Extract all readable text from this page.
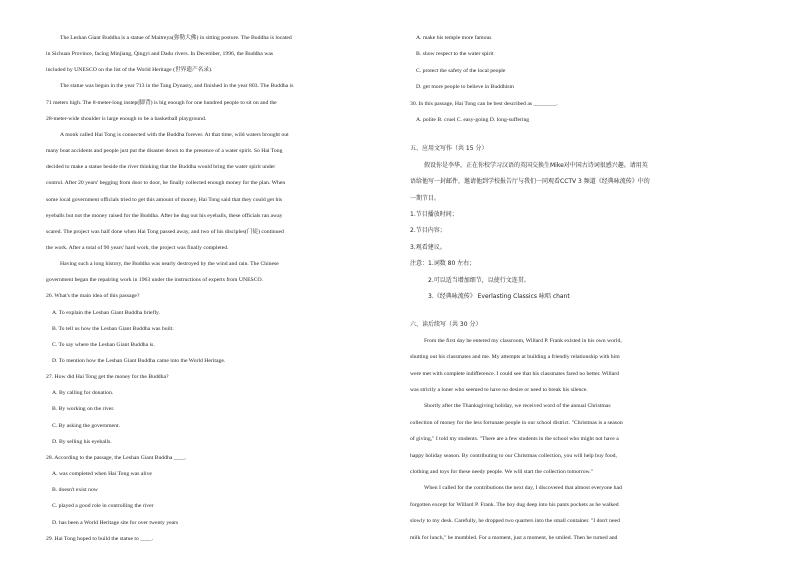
The Leshan Giant Buddha is a statue of Maitreya(弥勒大佛) in sitting posture. The Buddha is located
in Sichuan Province, facing Minjiang, Qingyi and Dadu rivers. In December, 1996, the Buddha was
included by UNESCO on the list of the World Heritage (世界遗产名录).
The statue was begun in the year 713 in the Tang Dynasty, and finished in the year 803. The Buddha is
71 meters high. The 8-meter-long instep(脚背) is big enough for one hundred people to sit on and the
28-meter-wide shoulder is large enough to be a basketball playground.
A monk called Hai Tong is connected with the Buddha forever. At that time, wild waters brought out
many boat accidents and people just put the disaster down to the presence of a water spirit. So Hai Tong
decided to make a statue beside the river thinking that the Buddha would bring the water spirit under
control. After 20 years' begging from door to door, he finally collected enough money for the plan. When
some local government officials tried to get this amount of money, Hai Tong said that they could get his
eyeballs but not the money raised for the Buddha. After he dug out his eyeballs, these officials ran away
scared. The project was half done when Hai Tong passed away, and two of his disciples(门徒) continued
the work. After a total of 90 years' hard work, the project was finally completed.
Having such a long history, the Buddha was nearly destroyed by the wind and rain. The Chinese
government began the repairing work in 1963 under the instructions of experts from UNESCO.
26. What's the main idea of this passage?
A. To explain the Leshan Giant Buddha briefly.
B. To tell us how the Leshan Giant Buddha was built.
C. To say where the Leshan Giant Buddha is.
D. To mention how the Leshan Giant Buddha came into the World Heritage.
27. How did Hai Tong get the money for the Buddha?
A. By calling for donation.
B. By working on the river.
C. By asking the government.
D. By selling his eyeballs.
28. According to the passage, the Leshan Giant Buddha ____.
A. was completed when Hai Tong was alive
B. doesn't exist now
C. played a good role in controlling the river
D. has been a World Heritage site for over twenty years
29. Hai Tong hoped to build the statue to ____.
A. make his temple more famous
B. show respect to the water spirit
C. protect the safety of the local people
D. get more people to believe in Buddhism
30. In this passage, Hai Tong can be best described as ________.
A. polite B. cruel C. easy-going D. long-suffering
五、应用文写作（共 15 分）
假设你是李华，正在你校学习汉语的英国交换生Mike对中国古诗词很感兴趣。请用英
语给他写一封邮件，邀请他到学校报告厅与我们一同观看CCTV 3 频道《经典咏流传》中的
一期节目。
1.节目播放时间；
2.节目内容；
3.观看建议。
注意：1.词数 80 左右；
2.可以适当增加细节，以使行文连贯。
3.《经典咏流传》 Everlasting Classics 咏唱 chant
六、读后续写（共 30 分）
From the first day he entered my classroom, Willard P. Frank existed in his own world,
shutting out his classmates and me. My attempts at building a friendly relationship with him
were met with complete indifference. I could see that his classmates fared no better. Willard
was strictly a loner who seemed to have no desire or need to break his silence.
Shortly after the Thanksgiving holiday, we received word of the annual Christmas
collection of money for the less fortunate people in our school district. "Christmas is a season
of giving," I told my students. "There are a few students in the school who might not have a
happy holiday season. By contributing to our Christmas collection, you will help buy food,
clothing and toys for these needy people. We will start the collection tomorrow."
When I called for the contributions the next day, I discovered that almost everyone had
forgotten except for Willard P. Frank. The boy dug deep into his pants pockets as he walked
slowly to my desk. Carefully, he dropped two quarters into the small container. "I don't need
milk for lunch," he mumbled. For a moment, just a moment, he smiled. Then he turned and
